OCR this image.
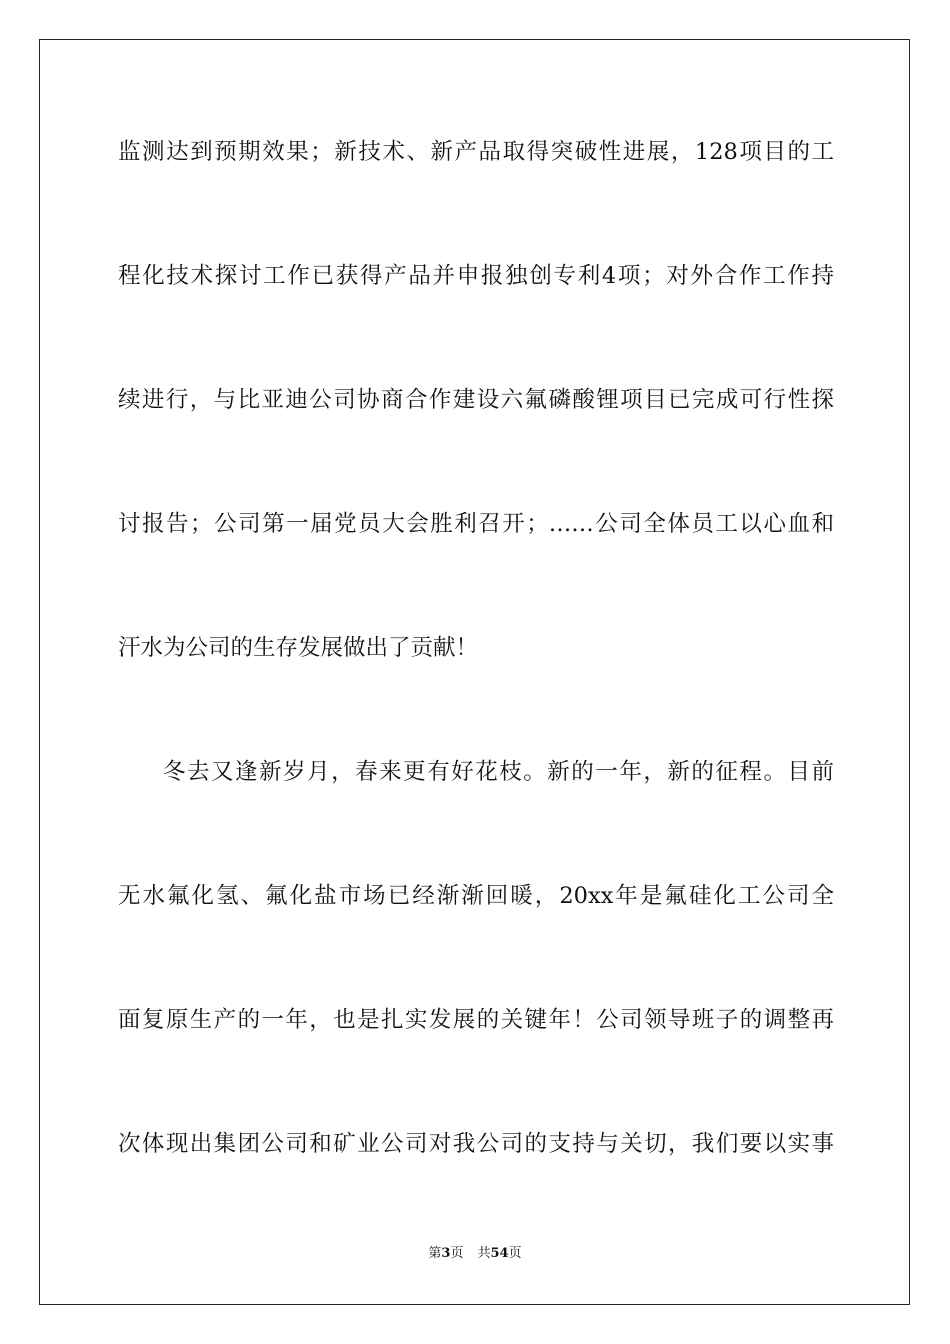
监测达到预期效果；新技术、新产品取得突破性进展，128项目的工
程化技术探讨工作已获得产品并申报独创专利4项；对外合作工作持
续进行，与比亚迪公司协商合作建设六氟磷酸锂项目已完成可行性探
讨报告；公司第一届党员大会胜利召开；……公司全体员工以心血和
汗水为公司的生存发展做出了贡献！
冬去又逢新岁月，春来更有好花枝。新的一年，新的征程。目前
无水氟化氢、氟化盐市场已经渐渐回暖，20xx年是氟硅化工公司全
面复原生产的一年，也是扎实发展的关键年！公司领导班子的调整再
次体现出集团公司和矿业公司对我公司的支持与关切，我们要以实事
第3页 共54页
